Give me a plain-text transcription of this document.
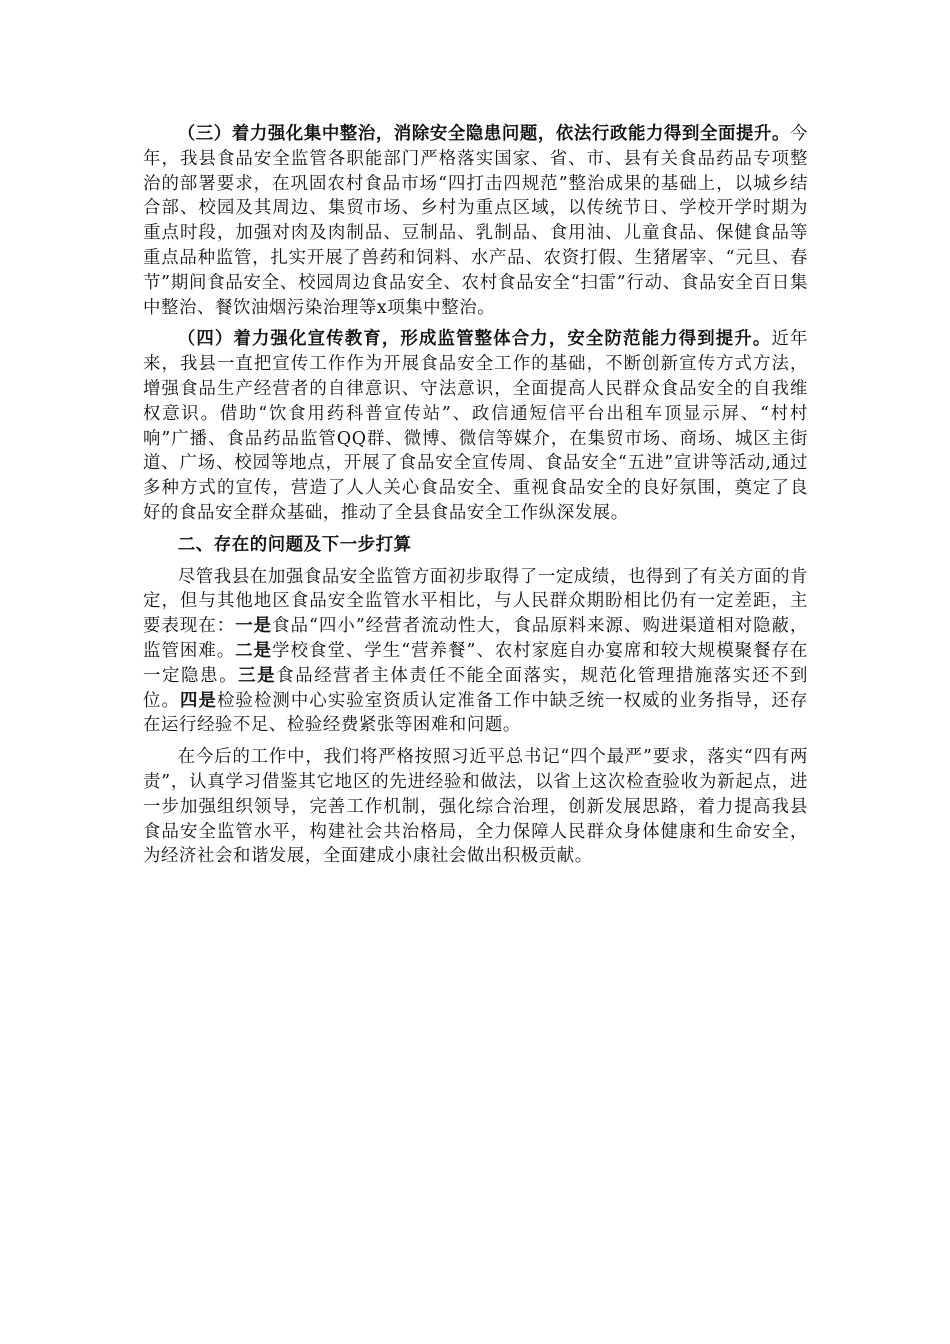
（三）着力强化集中整治，消除安全隐患问题，依法行政能力得到全面提升。今年，我县食品安全监管各职能部门严格落实国家、省、市、县有关食品药品专项整治的部署要求，在巩固农村食品市场“四打击四规范”整治成果的基础上，以城乡结合部、校园及其周边、集贸市场、乡村为重点区域，以传统节日、学校开学时期为重点时段，加强对肉及肉制品、豆制品、乳制品、食用油、儿童食品、保健食品等重点品种监管，扎实开展了兽药和饲料、水产品、农资打假、生猪屠宰、“元旦、春节”期间食品安全、校园周边食品安全、农村食品安全“扫雷”行动、食品安全百日集中整治、餐饮油烟污染治理等x项集中整治。

（四）着力强化宣传教育，形成监管整体合力，安全防范能力得到提升。近年来，我县一直把宣传工作作为开展食品安全工作的基础，不断创新宣传方式方法，增强食品生产经营者的自律意识、守法意识，全面提高人民群众食品安全的自我维权意识。借助“饮食用药科普宣传站”、政信通短信平台出租车顶显示屏、“村村响”广播、食品药品监管QQ群、微博、微信等媒介，在集贸市场、商场、城区主街道、广场、校园等地点，开展了食品安全宣传周、食品安全“五进”宣讲等活动,通过多种方式的宣传，营造了人人关心食品安全、重视食品安全的良好氛围，奠定了良好的食品安全群众基础，推动了全县食品安全工作纵深发展。

二、存在的问题及下一步打算

尽管我县在加强食品安全监管方面初步取得了一定成绩，也得到了有关方面的肯定，但与其他地区食品安全监管水平相比，与人民群众期盼相比仍有一定差距，主要表现在：一是食品“四小”经营者流动性大，食品原料来源、购进渠道相对隐蔽，监管困难。二是学校食堂、学生“营养餐”、农村家庭自办宴席和较大规模聚餐存在一定隐患。三是食品经营者主体责任不能全面落实，规范化管理措施落实还不到位。四是检验检测中心实验室资质认定准备工作中缺乏统一权威的业务指导，还存在运行经验不足、检验经费紧张等困难和问题。

在今后的工作中，我们将严格按照习近平总书记“四个最严”要求，落实“四有两责”，认真学习借鉴其它地区的先进经验和做法，以省上这次检查验收为新起点，进一步加强组织领导，完善工作机制，强化综合治理，创新发展思路，着力提高我县食品安全监管水平，构建社会共治格局，全力保障人民群众身体健康和生命安全，为经济社会和谐发展，全面建成小康社会做出积极贡献。
